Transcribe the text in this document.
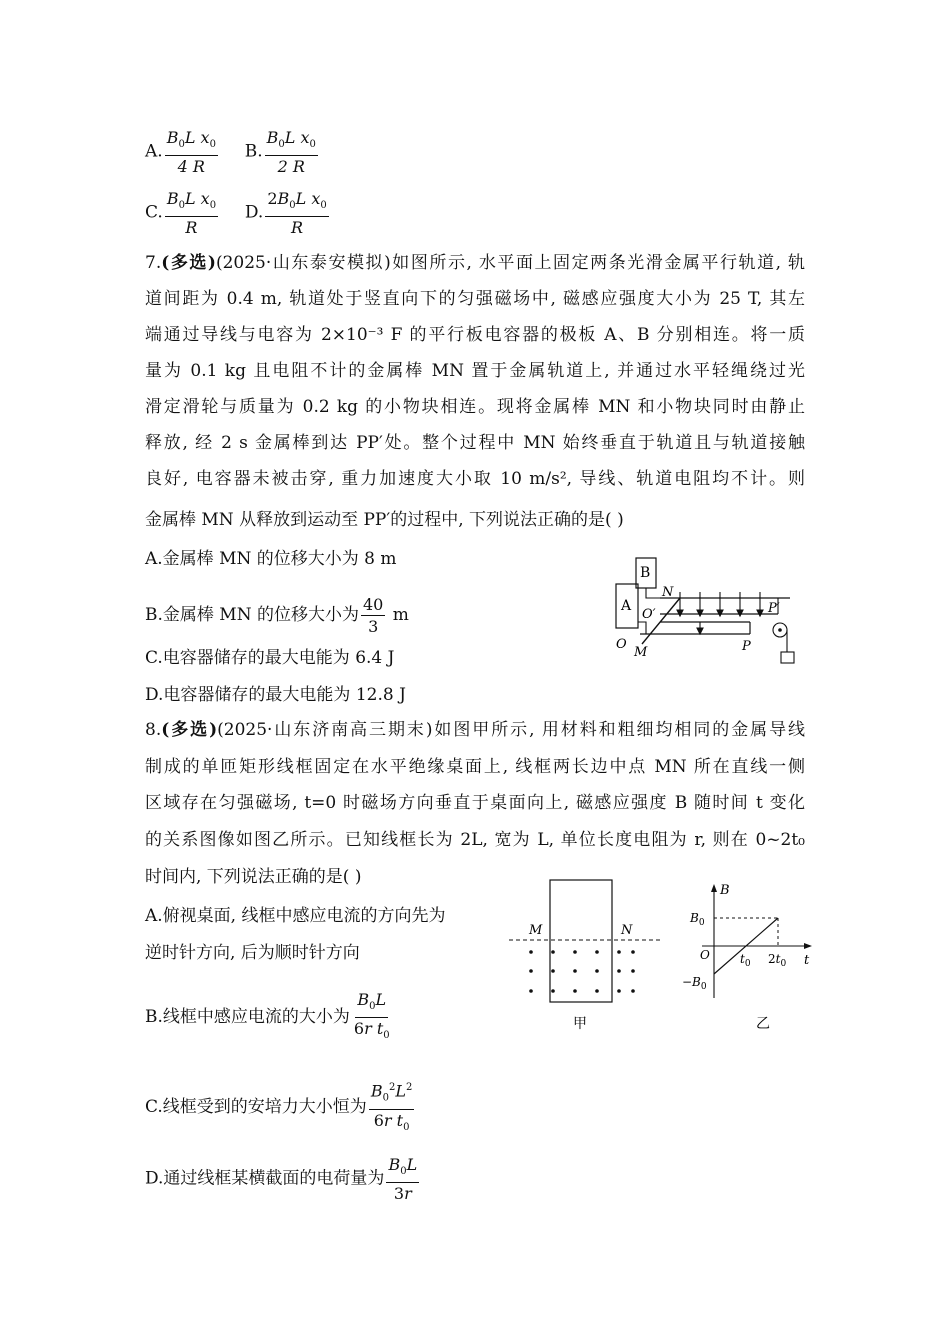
A. $\frac{B_0L x_0}{4 R} B$. $\frac{B_0L x_0}{2 R}$
C. $\frac{B_0L x_0}{R} D$. $\frac{2B_0L x_0}{R}$
7.(多选)(2025·山东泰安模拟)如图所示, 水平面上固定两条光滑金属平行轨道, 轨
道间距为 0.4 m, 轨道处于竖直向下的匀强磁场中, 磁感应强度大小为 25 T, 其左
端通过导线与电容为 2×10⁻³ F 的平行板电容器的极板 A、B 分别相连。将一质
量为 0.1 kg 且电阻不计的金属棒 MN 置于金属轨道上, 并通过水平轻绳绕过光
滑定滑轮与质量为 0.2 kg 的小物块相连。现将金属棒 MN 和小物块同时由静止
释放, 经 2 s 金属棒到达 PP′处。整个过程中 MN 始终垂直于轨道且与轨道接触
良好, 电容器未被击穿, 重力加速度大小取 10 m/s², 导线、轨道电阻均不计。则
金属棒 MN 从释放到运动至 PP′的过程中, 下列说法正确的是( )
A.金属棒 MN 的位移大小为 8 m
B.金属棒 MN 的位移大小为 $\frac{40}{3}$ m
C.电容器储存的最大电能为 6.4 J
D.电容器储存的最大电能为 12.8 J
A
B
N
O′	P′
O
M	P
8.(多选)(2025·山东济南高三期末)如图甲所示, 用材料和粗细均相同的金属导线
制成的单匝矩形线框固定在水平绝缘桌面上, 线框两长边中点 MN 所在直线一侧
区域存在匀强磁场, t=0 时磁场方向垂直于桌面向上, 磁感应强度 B 随时间 t 变化
的关系图像如图乙所示。已知线框长为 2L, 宽为 L, 单位长度电阻为 r, 则在 0~2t₀
时间内, 下列说法正确的是( )
A.俯视桌面, 线框中感应电流的方向先为
逆时针方向, 后为顺时针方向
B.线框中感应电流的大小为 $\frac{B_0L}{6r t_0}$
C.线框受到的安培力大小恒为 $\frac{B_0^2L^2}{6r t_0}$
D.通过线框某横截面的电荷量为 $\frac{B_0L}{3r}$
M	N
甲
B
t
$B_0$
O
$-B_0$
$t_0$ $2t_0$
乙
